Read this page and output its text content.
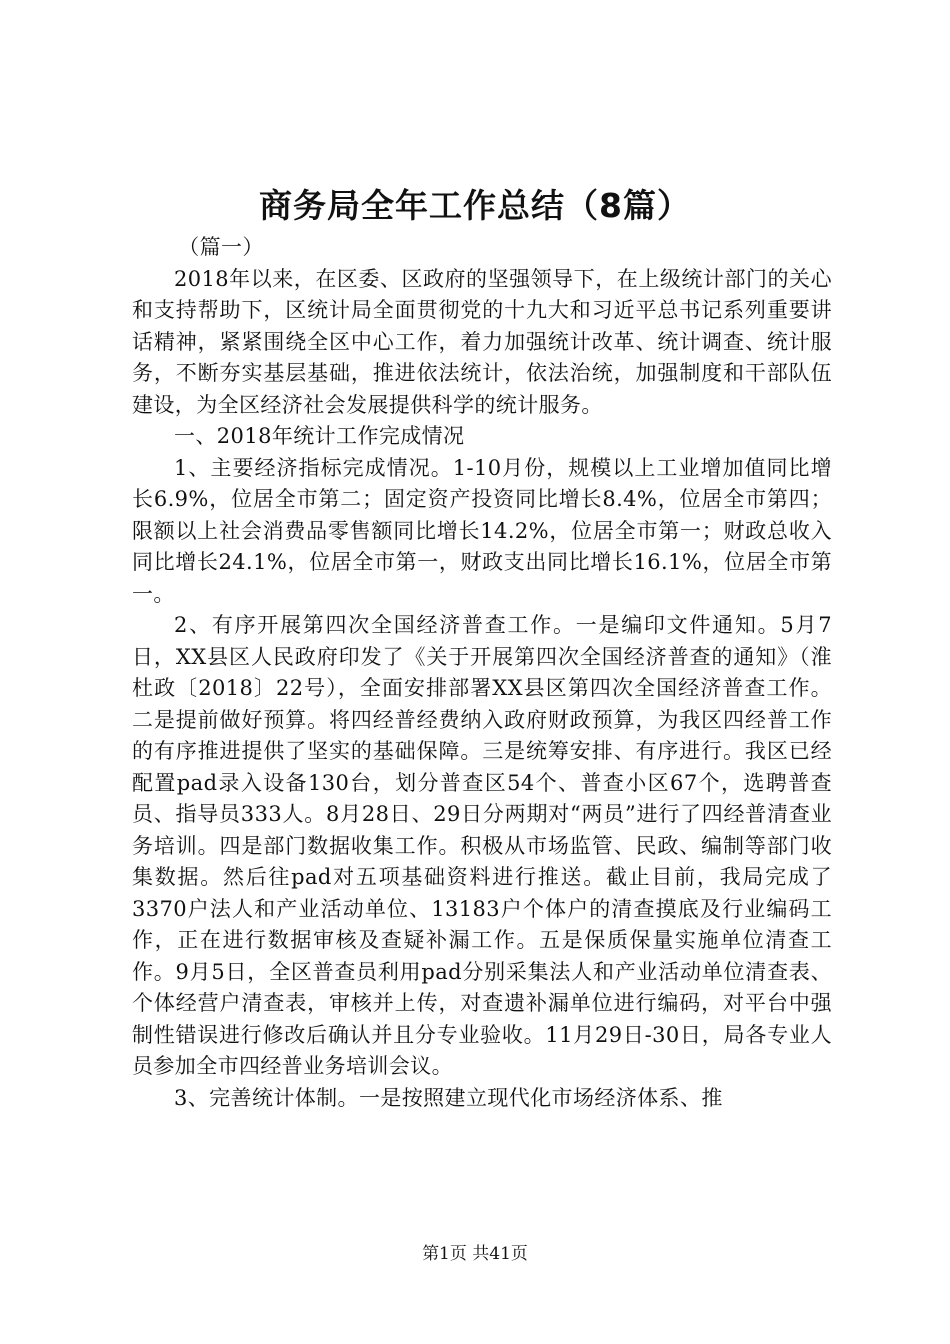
商务局全年工作总结（8篇）

（篇一）

2018年以来，在区委、区政府的坚强领导下，在上级统计部门的关心和支持帮助下，区统计局全面贯彻党的十九大和习近平总书记系列重要讲话精神，紧紧围绕全区中心工作，着力加强统计改革、统计调查、统计服务，不断夯实基层基础，推进依法统计，依法治统，加强制度和干部队伍建设，为全区经济社会发展提供科学的统计服务。

一、2018年统计工作完成情况

1、主要经济指标完成情况。1-10月份，规模以上工业增加值同比增长6.9%，位居全市第二；固定资产投资同比增长8.4%，位居全市第四；限额以上社会消费品零售额同比增长14.2%，位居全市第一；财政总收入同比增长24.1%，位居全市第一，财政支出同比增长16.1%，位居全市第一。

2、有序开展第四次全国经济普查工作。一是编印文件通知。5月7日，XX县区人民政府印发了《关于开展第四次全国经济普查的通知》（淮杜政〔2018〕22号），全面安排部署XX县区第四次全国经济普查工作。二是提前做好预算。将四经普经费纳入政府财政预算，为我区四经普工作的有序推进提供了坚实的基础保障。三是统筹安排、有序进行。我区已经配置pad录入设备130台，划分普查区54个、普查小区67个，选聘普查员、指导员333人。8月28日、29日分两期对“两员”进行了四经普清查业务培训。四是部门数据收集工作。积极从市场监管、民政、编制等部门收集数据。然后往pad对五项基础资料进行推送。截止目前，我局完成了3370户法人和产业活动单位、13183户个体户的清查摸底及行业编码工作，正在进行数据审核及查疑补漏工作。五是保质保量实施单位清查工作。9月5日，全区普查员利用pad分别采集法人和产业活动单位清查表、个体经营户清查表，审核并上传，对查遗补漏单位进行编码，对平台中强制性错误进行修改后确认并且分专业验收。11月29日-30日，局各专业人员参加全市四经普业务培训会议。

3、完善统计体制。一是按照建立现代化市场经济体系、推

第1页 共41页
